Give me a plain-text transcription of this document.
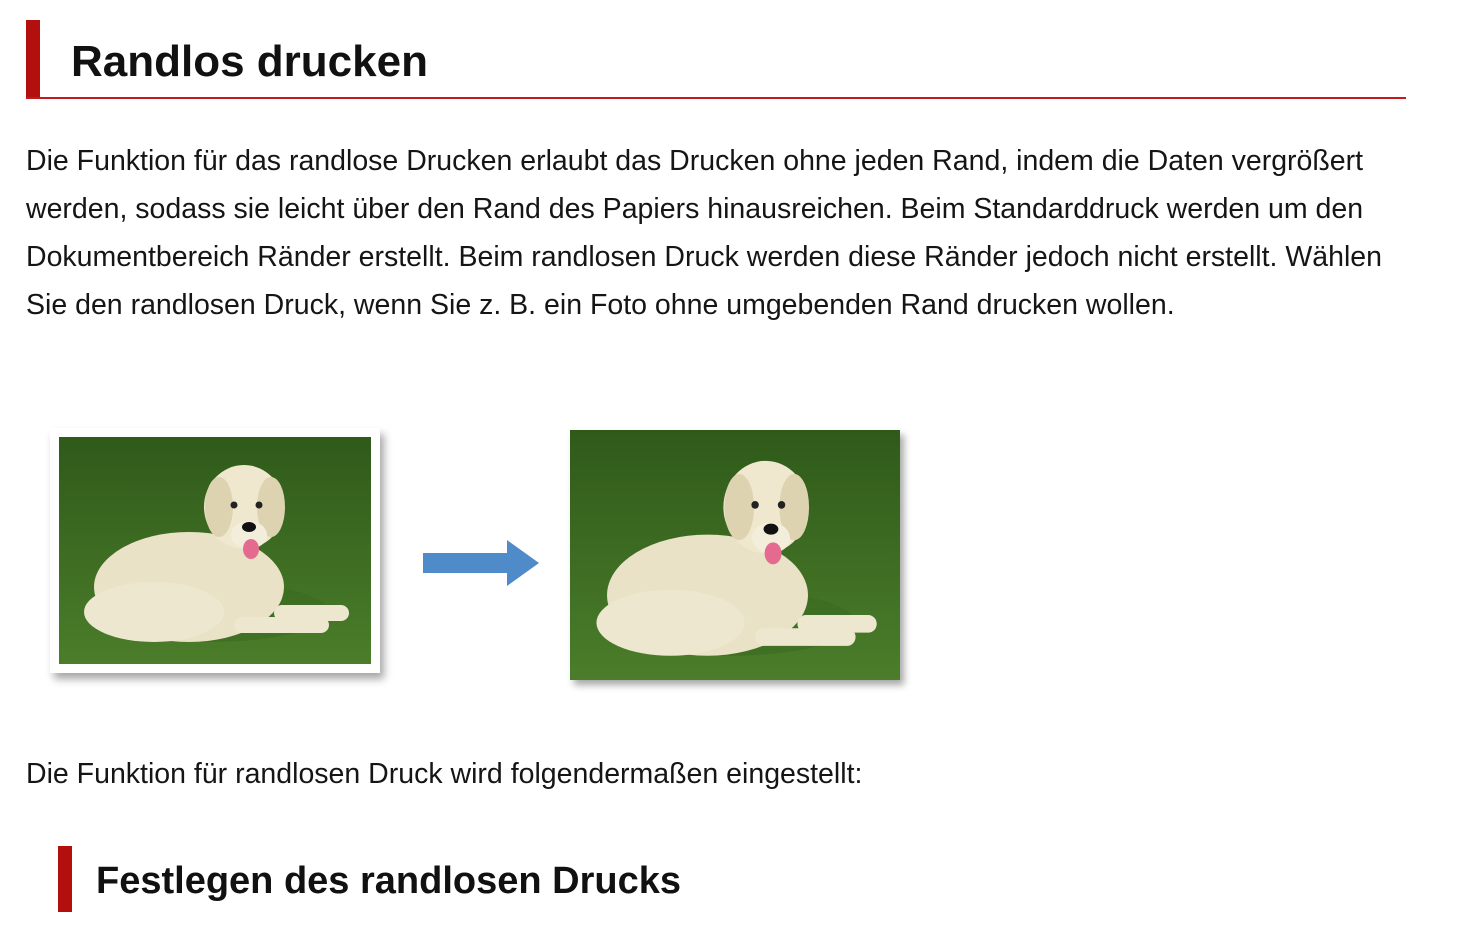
Randlos drucken

Die Funktion für das randlose Drucken erlaubt das Drucken ohne jeden Rand, indem die Daten vergrößert werden, sodass sie leicht über den Rand des Papiers hinausreichen. Beim Standarddruck werden um den Dokumentbereich Ränder erstellt. Beim randlosen Druck werden diese Ränder jedoch nicht erstellt. Wählen Sie den randlosen Druck, wenn Sie z. B. ein Foto ohne umgebenden Rand drucken wollen.

Die Funktion für randlosen Druck wird folgendermaßen eingestellt:

Festlegen des randlosen Drucks
